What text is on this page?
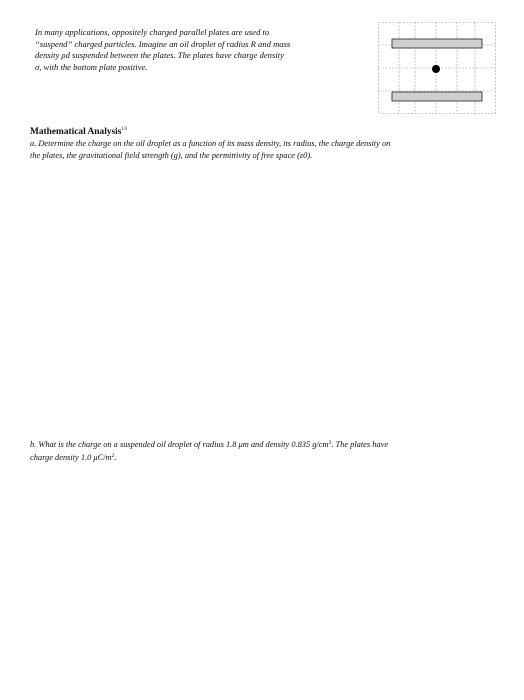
In many applications, oppositely charged parallel plates are used to
“suspend” charged particles. Imagine an oil droplet of radius R and mass
density ρd suspended between the plates. The plates have charge density
σ, with the bottom plate positive.
Mathematical Analysis$^{13}$
a. Determine the charge on the oil droplet as a function of its mass density, its radius, the charge density on
the plates, the gravitational field strength (g), and the permittivity of free space (ε0).
b. What is the charge on a suspended oil droplet of radius 1.8 μm and density 0.835 $g/cm^3$. The plates have
charge density 1.0 $\mu C/m^2$.
